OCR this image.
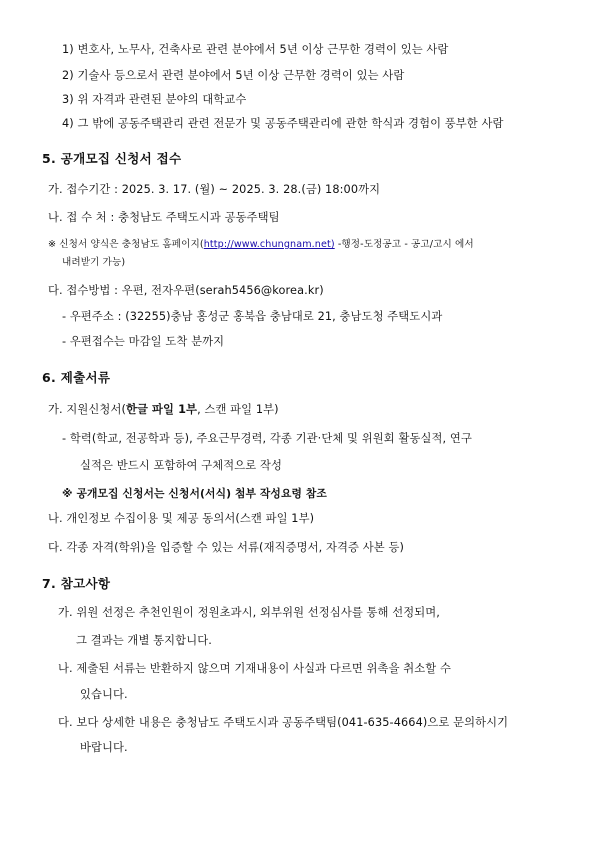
1) 변호사, 노무사, 건축사로 관련 분야에서 5년 이상 근무한 경력이 있는 사람
2) 기술사 등으로서 관련 분야에서 5년 이상 근무한 경력이 있는 사람
3) 위 자격과 관련된 분야의 대학교수
4) 그 밖에 공동주택관리 관련 전문가 및 공동주택관리에 관한 학식과 경험이 풍부한 사람
5. 공개모집 신청서 접수
가. 접수기간 : 2025. 3. 17. (월) ~ 2025. 3. 28.(금) 18:00까지
나. 접 수 처 : 충청남도 주택도시과 공동주택팀
※ 신청서 양식은 충청남도 홈페이지(http://www.chungnam.net) -행정-도정공고 - 공고/고시 에서
내려받기 가능)
다. 접수방법 : 우편, 전자우편(serah5456@korea.kr)
- 우편주소 : (32255)충남 홍성군 홍북읍 충남대로 21, 충남도청 주택도시과
- 우편접수는 마감일 도착 분까지
6. 제출서류
가. 지원신청서(한글 파일 1부, 스캔 파일 1부)
- 학력(학교, 전공학과 등), 주요근무경력, 각종 기관·단체 및 위원회 활동실적, 연구
실적은 반드시 포함하여 구체적으로 작성
※ 공개모집 신청서는 신청서(서식) 첨부 작성요령 참조
나. 개인정보 수집이용 및 제공 동의서(스캔 파일 1부)
다. 각종 자격(학위)을 입증할 수 있는 서류(재직증명서, 자격증 사본 등)
7. 참고사항
가. 위원 선정은 추천인원이 정원초과시, 외부위원 선정심사를 통해 선정되며,
그 결과는 개별 통지합니다.
나. 제출된 서류는 반환하지 않으며 기재내용이 사실과 다르면 위촉을 취소할 수
있습니다.
다. 보다 상세한 내용은 충청남도 주택도시과 공동주택팀(041-635-4664)으로 문의하시기
바랍니다.
